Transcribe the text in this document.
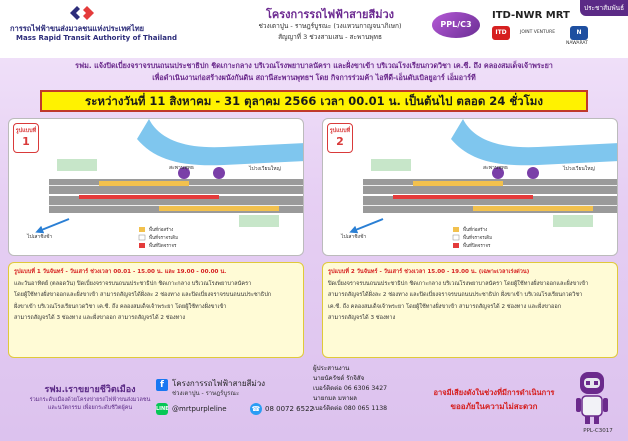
การรถไฟฟ้าขนส่งมวลชนแห่งประเทศไทย
Mass Rapid Transit Authority of Thailand
โครงการรถไฟฟ้าสายสีม่วง
ช่วงเตาปูน - ราษฎร์บูรณะ (วงแหวนกาญจนาภิเษก)
สัญญาที่ 3 ช่วงสามเสน - สะพานพุทธ
PPL/C3
ITD-NWR MRT
ITD	JOINT VENTURE	N
NAWARAT
ประชาสัมพันธ์
รฟม. แจ้งปิดเบี่ยงจราจรบนถนนประชาธิปก ชิดเกาะกลาง บริเวณโรงพยาบาลนัครา และฝั่งขาเข้า บริเวณโรงเรียนกวดวิชา เค.ซี. ถึง คลองสมเด็จเจ้าพระยา
เพื่อดำเนินงานก่อสร้างผนังกันดิน สถานีสะพานพุทธฯ โดย กิจการร่วมค้า ไอทีดี-เอ็นดับเบิลยูอาร์ เอ็มอาร์ที
ระหว่างวันที่ 11 สิงหาคม - 31 ตุลาคม 2566 เวลา 00.01 น. เป็นต้นไป ตลอด 24 ชั่วโมง
รูปแบบที่
1
ไปวงเวียนใหญ่
ไปเสาชิงช้า
สะพานพุทธ
พื้นที่ก่อสร้าง
พื้นที่จราจรเดิม
พื้นที่ปิดจราจร
รูปแบบที่
2
ไปวงเวียนใหญ่
ไปเสาชิงช้า
สะพานพุทธ
พื้นที่ก่อสร้าง
พื้นที่จราจรเดิม
พื้นที่ปิดจราจร
รูปแบบที่ 1 วันจันทร์ - วันเสาร์ ช่วงเวลา 00.01 - 15.00 น. และ 19.00 - 00.00 น.
และวันอาทิตย์ (ตลอดวัน) ปิดเบี่ยงจราจรบนถนนประชาธิปก ชิดเกาะกลาง บริเวณโรงพยาบาลนัครา
โดยผู้ใช้ทางฝั่งขาออกและฝั่งขาเข้า สามารถสัญจรได้ฝั่งละ 2 ช่องทาง และปิดเบี่ยงจราจรบนถนนประชาธิปก
ฝั่งขาเข้า บริเวณโรงเรียนกวดวิชา เค.ซี. ถึง คลองสมเด็จเจ้าพระยา โดยผู้ใช้ทางฝั่งขาเข้า
สามารถสัญจรได้ 3 ช่องทาง และฝั่งขาออก สามารถสัญจรได้ 2 ช่องทาง
รูปแบบที่ 2 วันจันทร์ - วันเสาร์ ช่วงเวลา 15.00 - 19.00 น. (เฉพาะเวลาเร่งด่วน)
ปิดเบี่ยงจราจรบนถนนประชาธิปก ชิดเกาะกลาง บริเวณโรงพยาบาลนัครา โดยผู้ใช้ทางฝั่งขาออกและฝั่งขาเข้า
สามารถสัญจรได้ฝั่งละ 2 ช่องทาง และปิดเบี่ยงจราจรบนถนนประชาธิปก ฝั่งขาเข้า บริเวณโรงเรียนกวดวิชา
เค.ซี. ถึง คลองสมเด็จเจ้าพระยา โดยผู้ใช้ทางฝั่งขาเข้า สามารถสัญจรได้ 2 ช่องทาง และฝั่งขาออก
สามารถสัญจรได้ 3 ช่องทาง
รฟม.เราขยายชีวิตเมือง
ร่วมกระดับเมืองด้วยโครงข่ายรถไฟฟ้าขนส่งมวลชน
และนวัตกรรม เพื่อยกระดับชีวิตผู้คน
f	โครงการรถไฟฟ้าสายสีม่วง
ช่วงเตาปูน - ราษฎร์บูรณะ
LINE @mrtpurpleline	☎ 08 0072 6522
ผู้ประสานงาน
นายนัครัชต์ รักจิสัจ
เบอร์ติดต่อ 06 6306 3427
นายกมล มหาผล
เบอร์ติดต่อ 080 065 1138
อาจมีเสียงดังในช่วงที่มีการดำเนินการ
ขออภัยในความไม่สะดวก
PPL-C3017
